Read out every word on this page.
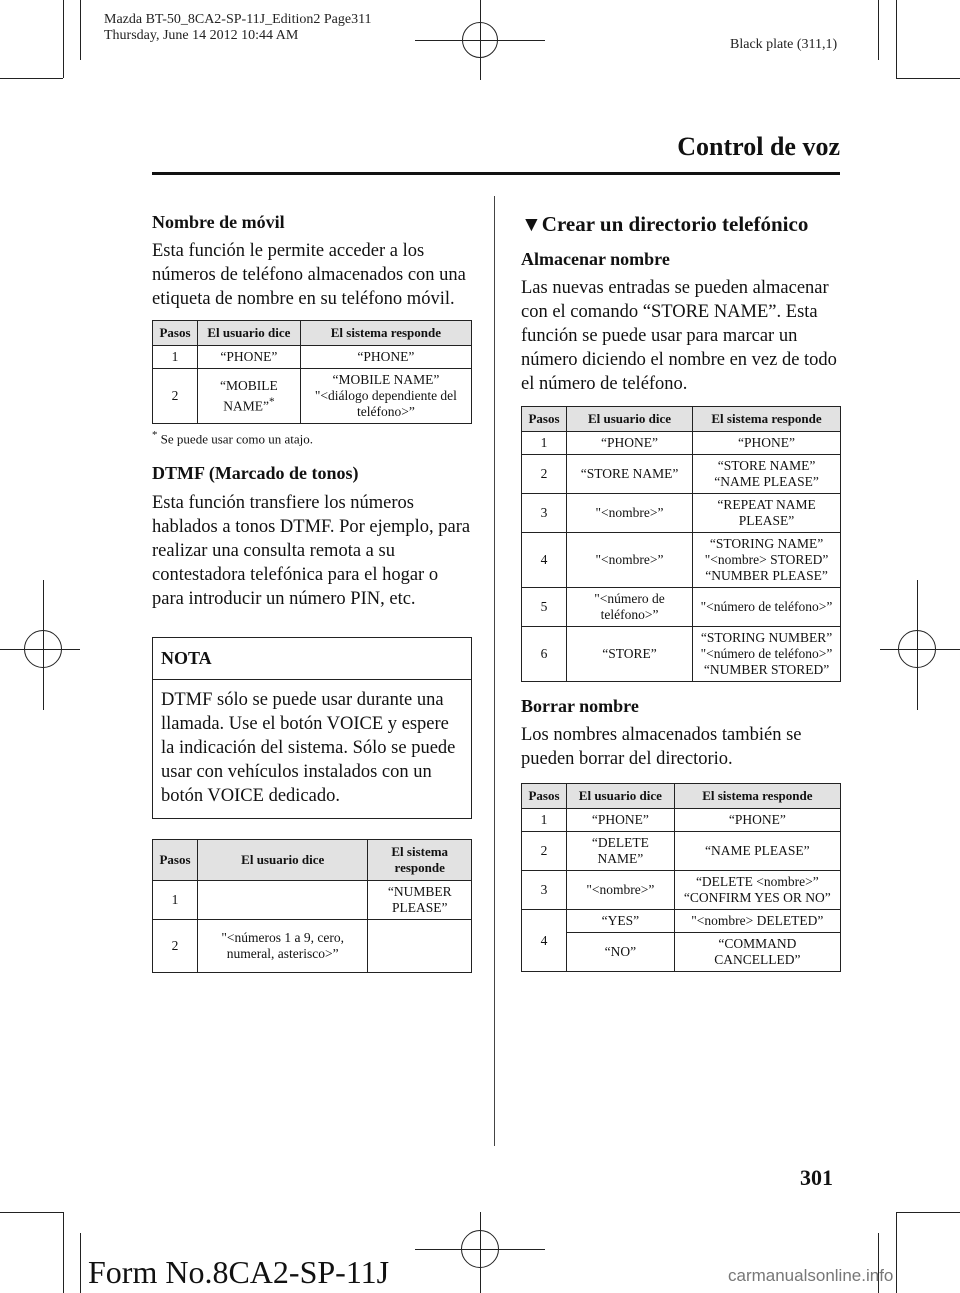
Mazda BT-50_8CA2-SP-11J_Edition2 Page311
Thursday, June 14 2012 10:44 AM
Black plate (311,1)
Control de voz
Nombre de móvil

Esta función le permite acceder a los números de teléfono almacenados con una etiqueta de nombre en su teléfono móvil.

Pasos	El usuario dice	El sistema responde
1	“PHONE”	“PHONE”
2	“MOBILE NAME”*	“MOBILE NAME”
"<diálogo dependiente del teléfono>”
* Se puede usar como un atajo.
DTMF (Marcado de tonos)

Esta función transfiere los números hablados a tonos DTMF. Por ejemplo, para realizar una consulta remota a su contestadora telefónica para el hogar o para introducir un número PIN, etc.

NOTA

DTMF sólo se puede usar durante una llamada. Use el botón VOICE y espere la indicación del sistema. Sólo se puede usar con vehículos instalados con un botón VOICE dedicado.

Pasos	El usuario dice	El sistema responde
1		“NUMBER PLEASE”
2	"<números 1 a 9, cero, numeral, asterisco>”	
▼Crear un directorio telefónico
Almacenar nombre

Las nuevas entradas se pueden almacenar con el comando “STORE NAME”. Esta función se puede usar para marcar un número diciendo el nombre en vez de todo el número de teléfono.

Pasos	El usuario dice	El sistema responde
1	“PHONE”	“PHONE”

2	“STORE NAME”	“STORE NAME”
“NAME PLEASE”

3	"<nombre>”	“REPEAT NAME PLEASE”

4	"<nombre>”	“STORING NAME”
"<nombre> STORED”
“NUMBER PLEASE”

5	"<número de teléfono>”	"<número de teléfono>”

6	“STORE”	“STORING NUMBER”
"<número de teléfono>”
“NUMBER STORED”
Borrar nombre

Los nombres almacenados también se pueden borrar del directorio.

Pasos	El usuario dice	El sistema responde
1	“PHONE”	“PHONE”

2	“DELETE NAME”	“NAME PLEASE”

3	"<nombre>”	“DELETE <nombre>”
“CONFIRM YES OR NO”

4	“YES”	"<nombre> DELETED”

	“NO”	“COMMAND CANCELLED”
301
Form No.8CA2-SP-11J	carmanualsonline.info
